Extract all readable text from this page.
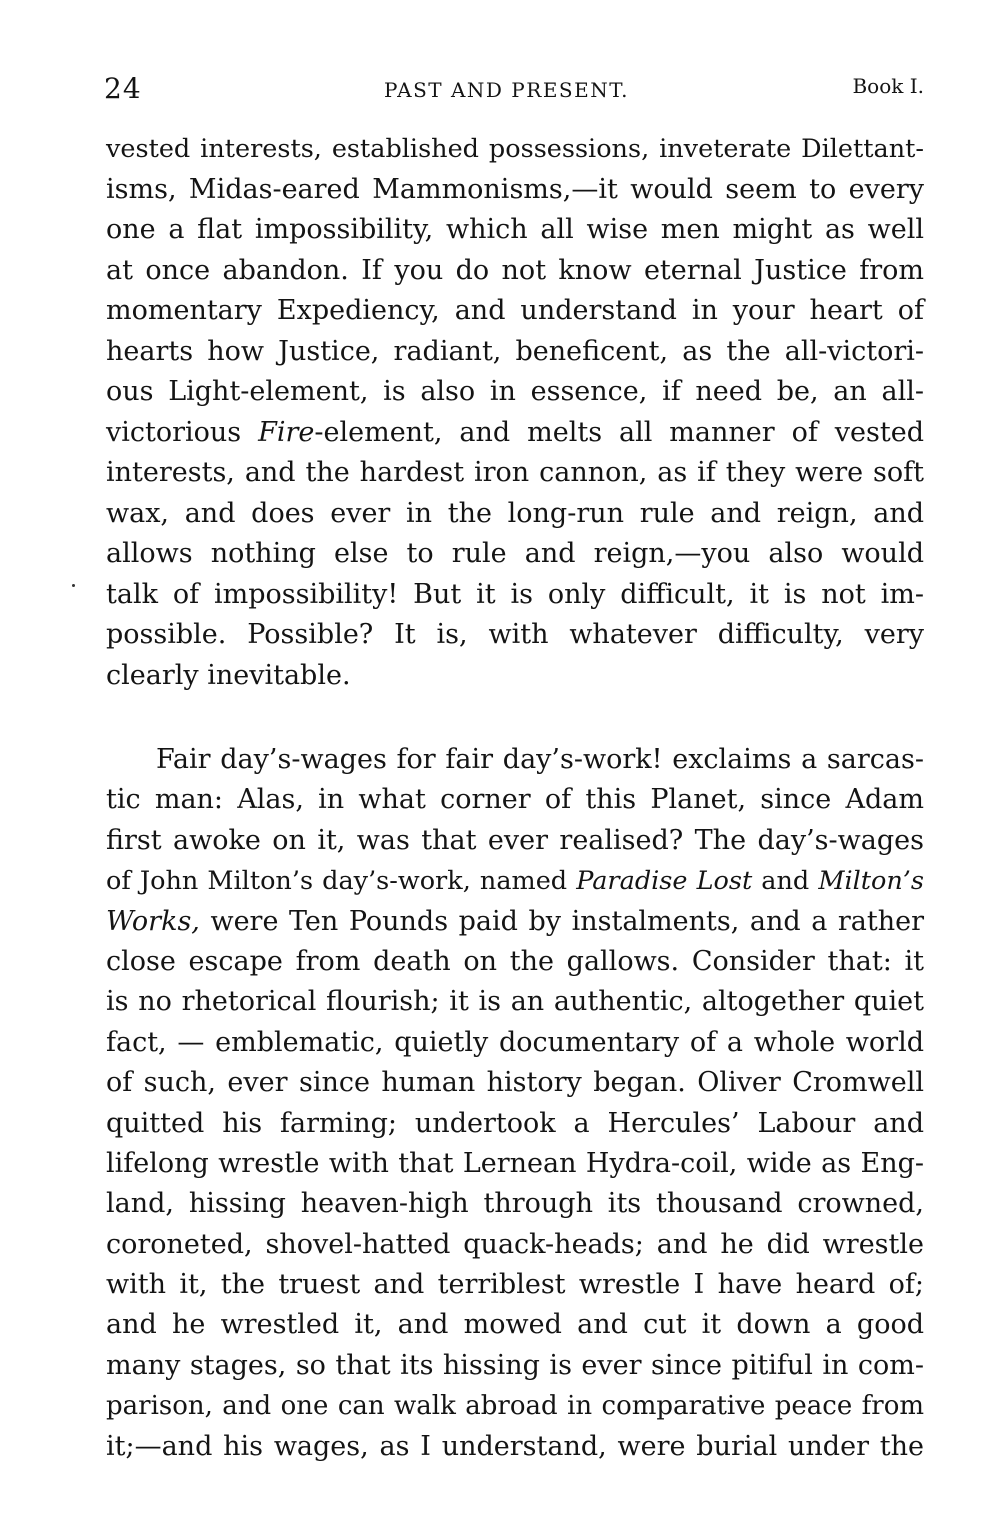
24	PAST AND PRESENT.	Book I.
vested interests, established possessions, inveterate Dilettant-
isms, Midas-eared Mammonisms,—it would seem to every
one a flat impossibility, which all wise men might as well
at once abandon. If you do not know eternal Justice from
momentary Expediency, and understand in your heart of
hearts how Justice, radiant, beneficent, as the all-victori-
ous Light-element, is also in essence, if need be, an all-
victorious Fire-element, and melts all manner of vested
interests, and the hardest iron cannon, as if they were soft
wax, and does ever in the long-run rule and reign, and
allows nothing else to rule and reign,—you also would
talk of impossibility! But it is only difficult, it is not im-
possible. Possible? It is, with whatever difficulty, very
clearly inevitable.
Fair day’s-wages for fair day’s-work! exclaims a sarcas-
tic man: Alas, in what corner of this Planet, since Adam
first awoke on it, was that ever realised? The day’s-wages
of John Milton’s day’s-work, named Paradise Lost and Milton’s
Works, were Ten Pounds paid by instalments, and a rather
close escape from death on the gallows. Consider that: it
is no rhetorical flourish; it is an authentic, altogether quiet
fact, — emblematic, quietly documentary of a whole world
of such, ever since human history began. Oliver Cromwell
quitted his farming; undertook a Hercules’ Labour and
lifelong wrestle with that Lernean Hydra-coil, wide as Eng-
land, hissing heaven-high through its thousand crowned,
coroneted, shovel-hatted quack-heads; and he did wrestle
with it, the truest and terriblest wrestle I have heard of;
and he wrestled it, and mowed and cut it down a good
many stages, so that its hissing is ever since pitiful in com-
parison, and one can walk abroad in comparative peace from
it;—and his wages, as I understand, were burial under the
